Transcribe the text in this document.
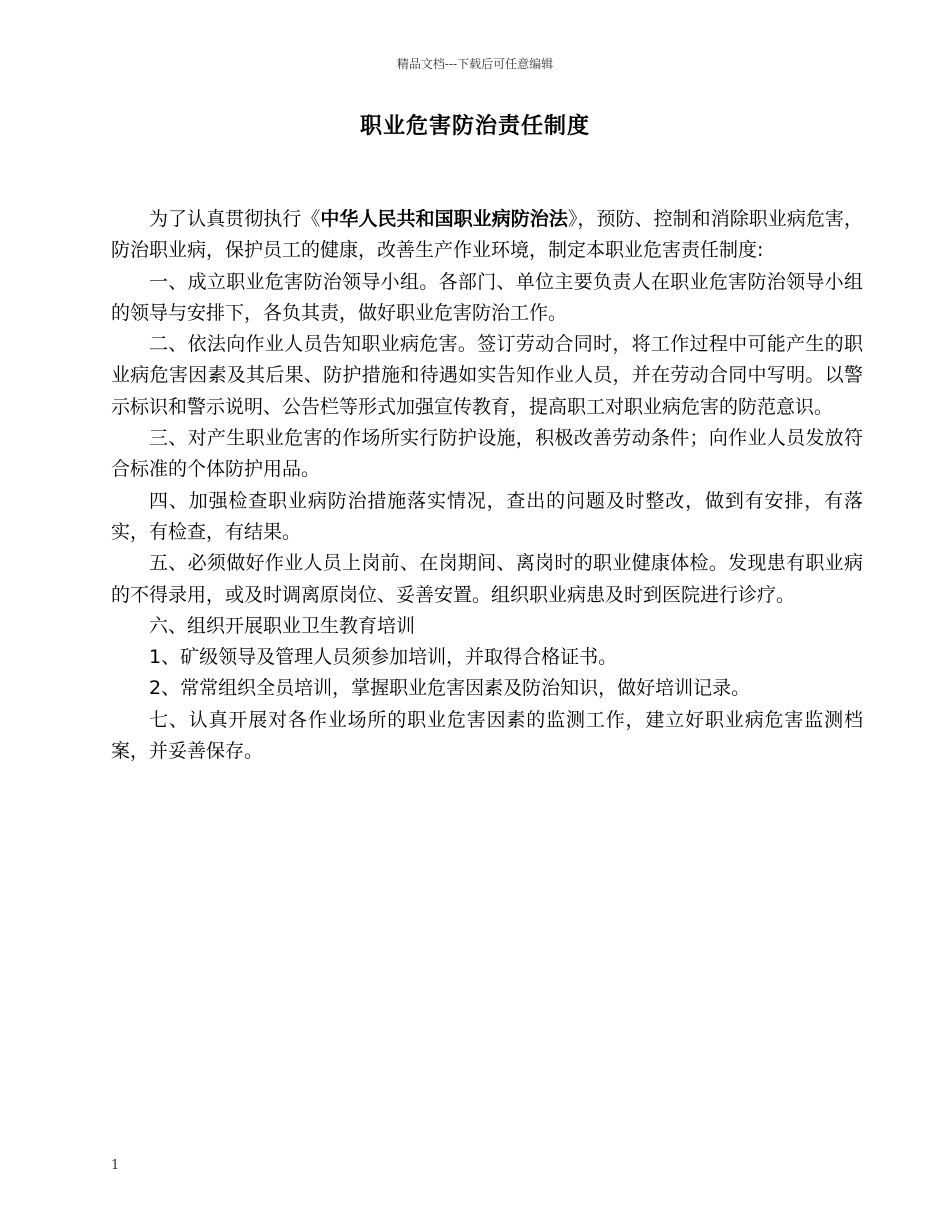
精品文档---下载后可任意编辑
职业危害防治责任制度

为了认真贯彻执行《中华人民共和国职业病防治法》，预防、控制和消除职业病危害，防治职业病，保护员工的健康，改善生产作业环境，制定本职业危害责任制度:

一、成立职业危害防治领导小组。各部门、单位主要负责人在职业危害防治领导小组的领导与安排下，各负其责，做好职业危害防治工作。

二、依法向作业人员告知职业病危害。签订劳动合同时，将工作过程中可能产生的职业病危害因素及其后果、防护措施和待遇如实告知作业人员，并在劳动合同中写明。以警示标识和警示说明、公告栏等形式加强宣传教育，提高职工对职业病危害的防范意识。

三、对产生职业危害的作场所实行防护设施，积极改善劳动条件；向作业人员发放符合标准的个体防护用品。

四、加强检查职业病防治措施落实情况，查出的问题及时整改，做到有安排，有落实，有检查，有结果。

五、必须做好作业人员上岗前、在岗期间、离岗时的职业健康体检。发现患有职业病的不得录用，或及时调离原岗位、妥善安置。组织职业病患及时到医院进行诊疗。

六、组织开展职业卫生教育培训

1、矿级领导及管理人员须参加培训，并取得合格证书。

2、常常组织全员培训，掌握职业危害因素及防治知识，做好培训记录。

七、认真开展对各作业场所的职业危害因素的监测工作，建立好职业病危害监测档案，并妥善保存。

1
